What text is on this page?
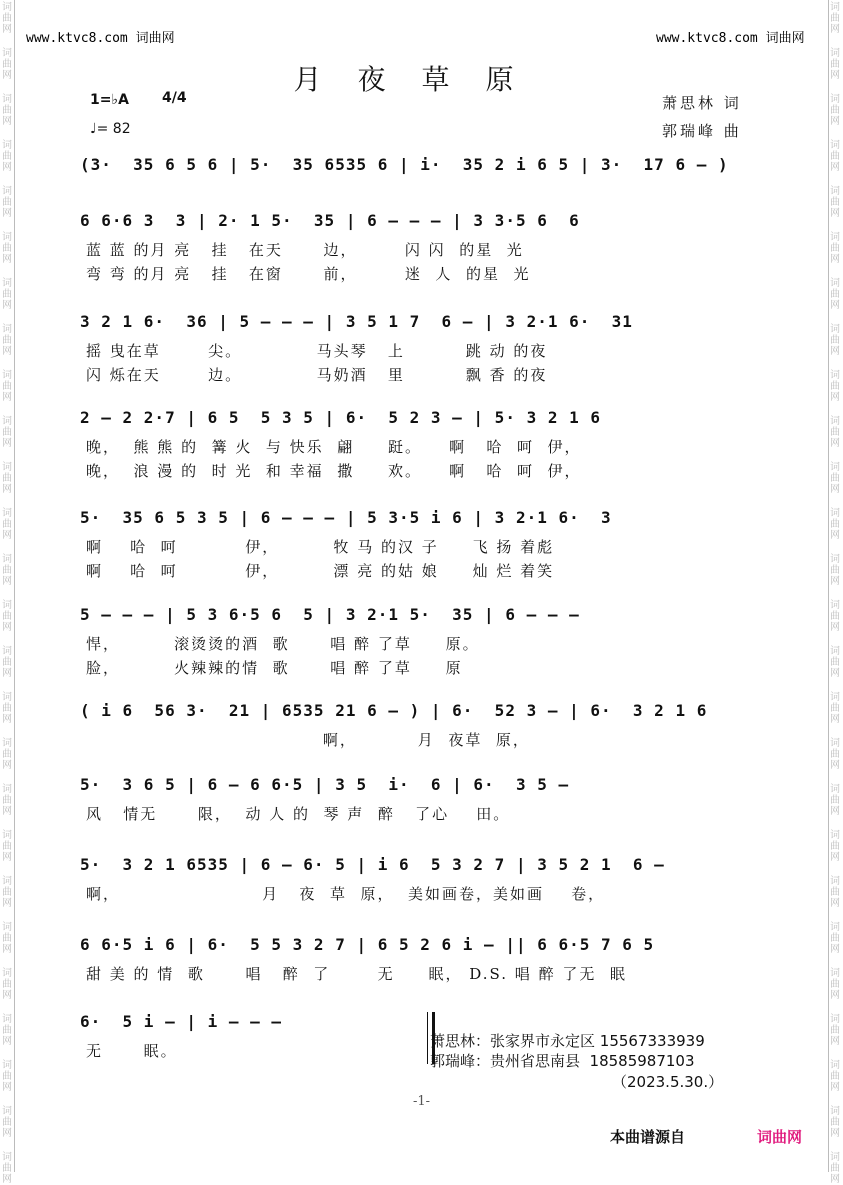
词
曲
网
词
曲
网
词
曲
网
词
曲
网
词
曲
网
词
曲
网
词
曲
网
词
曲
网
词
曲
网
词
曲
网
词
曲
网
词
曲
网
词
曲
网
词
曲
网
词
曲
网
词
曲
网
词
曲
网
词
曲
网
词
曲
网
词
曲
网
词
曲
网
词
曲
网
词
曲
网
词
曲
网
词
曲
网
词
曲
网
词
曲
网
词
曲
网
词
曲
网
词
曲
网
词
曲
网
词
曲
网
词
曲
网
词
曲
网
词
曲
网
词
曲
网
词
曲
网
词
曲
网
词
曲
网
词
曲
网
词
曲
网
词
曲
网
词
曲
网
词
曲
网
词
曲
网
词
曲
网
词
曲
网
词
曲
网
词
曲
网
词
曲
网
词
曲
网
词
曲
网
www.ktvc8.com 词曲网	www.ktvc8.com 词曲网
月夜草原
1=♭A 4/4
♩= 82
萧思林 词
郭瑞峰 曲
(3·  35 6 5 6 | 5·  35 6535 6 | i·  35 2 i 6 5 | 3·  17 6 — )
6 6·6 3  3 | 2· 1 5·  35 | 6 — — — | 3 3·5 6  6
蓝 蓝 的月 亮   挂   在天      边，       闪 闪  的星  光
弯 弯 的月 亮   挂   在窗      前，       迷  人  的星  光
3 2 1 6·  36 | 5 — — — | 3 5 1 7  6 — | 3 2·1 6·  31
摇 曳在草       尖。           马头琴   上         跳 动 的夜
闪 烁在天       边。           马奶酒   里         飘 香 的夜
2 — 2 2·7 | 6 5  5 3 5 | 6·  5 2 3 — | 5· 3 2 1 6
晚，  熊 熊 的  篝 火  与 快乐  翩     跹。    啊   哈  呵  伊，
晚，  浪 漫 的  时 光  和 幸福  撒     欢。    啊   哈  呵  伊，
5·  35 6 5 3 5 | 6 — — — | 5 3·5 i 6 | 3 2·1 6·  3
啊    哈  呵          伊，        牧 马 的汉 子     飞 扬 着彪
啊    哈  呵          伊，        漂 亮 的姑 娘     灿 烂 着笑
5 — — — | 5 3 6·5 6  5 | 3 2·1 5·  35 | 6 — — —
悍，        滚烫烫的酒  歌      唱 醉 了草     原。
脸，        火辣辣的情  歌      唱 醉 了草     原
( i 6  56 3·  21 | 6535 21 6 — ) | 6·  52 3 — | 6·  3 2 1 6
啊，         月  夜草  原，
5·  3 6 5 | 6 — 6 6·5 | 3 5  i·  6 | 6·  3 5 —
风   情无      限，  动 人 的  琴 声  醉   了心    田。
5·  3 2 1 6535 | 6 — 6· 5 | i 6  5 3 2 7 | 3 5 2 1  6 —
啊，                     月   夜  草  原，  美如画卷，美如画    卷，
6 6·5 i 6 | 6·  5 5 3 2 7 | 6 5 2 6 i — || 6 6·5 7 6 5
甜 美 的 情  歌      唱   醉  了       无     眠， D.S. 唱 醉 了无  眠
6·  5 i — | i — — —
无      眠。
萧思林：张家界市永定区 15567333939
郭瑞峰：贵州省思南县  18585987103
（2023.5.30.）
-1-
本曲谱源自	词曲网
